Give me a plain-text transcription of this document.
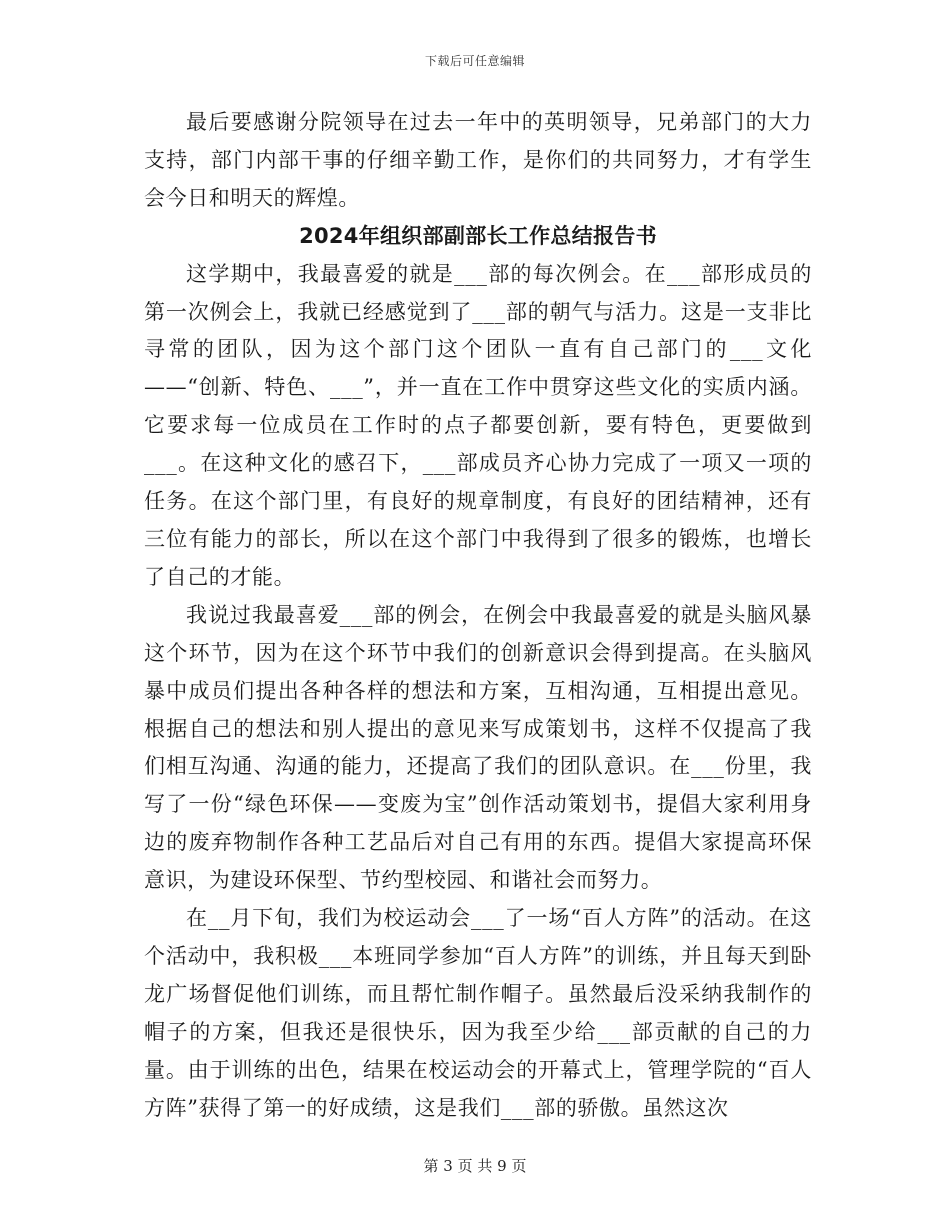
下载后可任意编辑

最后要感谢分院领导在过去一年中的英明领导，兄弟部门的大力支持，部门内部干事的仔细辛勤工作，是你们的共同努力，才有学生会今日和明天的辉煌。

2024年组织部副部长工作总结报告书

这学期中，我最喜爱的就是___部的每次例会。在___部形成员的第一次例会上，我就已经感觉到了___部的朝气与活力。这是一支非比寻常的团队，因为这个部门这个团队一直有自己部门的___文化——“创新、特色、___”，并一直在工作中贯穿这些文化的实质内涵。它要求每一位成员在工作时的点子都要创新，要有特色，更要做到___。在这种文化的感召下，___部成员齐心协力完成了一项又一项的任务。在这个部门里，有良好的规章制度，有良好的团结精神，还有三位有能力的部长，所以在这个部门中我得到了很多的锻炼，也增长了自己的才能。

我说过我最喜爱___部的例会，在例会中我最喜爱的就是头脑风暴这个环节，因为在这个环节中我们的创新意识会得到提高。在头脑风暴中成员们提出各种各样的想法和方案，互相沟通，互相提出意见。根据自己的想法和别人提出的意见来写成策划书，这样不仅提高了我们相互沟通、沟通的能力，还提高了我们的团队意识。在___份里，我写了一份“绿色环保——变废为宝”创作活动策划书，提倡大家利用身边的废弃物制作各种工艺品后对自己有用的东西。提倡大家提高环保意识，为建设环保型、节约型校园、和谐社会而努力。

在__月下旬，我们为校运动会___了一场“百人方阵”的活动。在这个活动中，我积极___本班同学参加“百人方阵”的训练，并且每天到卧龙广场督促他们训练，而且帮忙制作帽子。虽然最后没采纳我制作的帽子的方案，但我还是很快乐，因为我至少给___部贡献的自己的力量。由于训练的出色，结果在校运动会的开幕式上，管理学院的“百人方阵”获得了第一的好成绩，这是我们___部的骄傲。虽然这次

第 3 页 共 9 页
